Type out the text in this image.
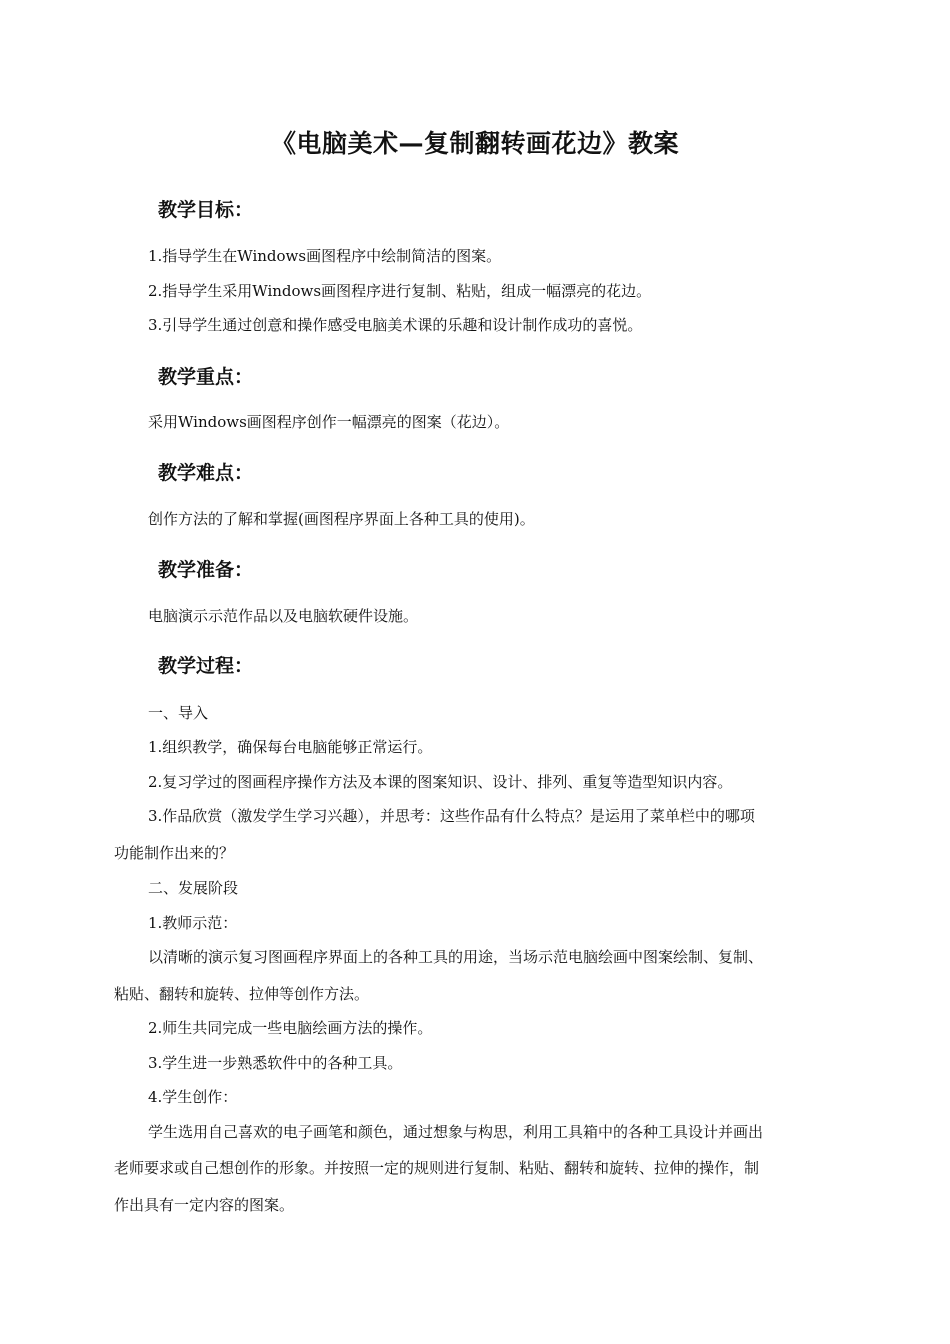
《电脑美术—复制翻转画花边》教案
教学目标：
1.指导学生在Windows画图程序中绘制简洁的图案。
2.指导学生采用Windows画图程序进行复制、粘贴，组成一幅漂亮的花边。
3.引导学生通过创意和操作感受电脑美术课的乐趣和设计制作成功的喜悦。
教学重点：
采用Windows画图程序创作一幅漂亮的图案（花边）。
教学难点：
创作方法的了解和掌握(画图程序界面上各种工具的使用)。
教学准备：
电脑演示示范作品以及电脑软硬件设施。
教学过程：
一、导入
1.组织教学，确保每台电脑能够正常运行。
2.复习学过的图画程序操作方法及本课的图案知识、设计、排列、重复等造型知识内容。
3.作品欣赏（激发学生学习兴趣），并思考：这些作品有什么特点？是运用了菜单栏中的哪项
功能制作出来的？
二、发展阶段
1.教师示范：
以清晰的演示复习图画程序界面上的各种工具的用途，当场示范电脑绘画中图案绘制、复制、
粘贴、翻转和旋转、拉伸等创作方法。
2.师生共同完成一些电脑绘画方法的操作。
3.学生进一步熟悉软件中的各种工具。
4.学生创作：
学生选用自己喜欢的电子画笔和颜色，通过想象与构思，利用工具箱中的各种工具设计并画出
老师要求或自己想创作的形象。并按照一定的规则进行复制、粘贴、翻转和旋转、拉伸的操作，制
作出具有一定内容的图案。
